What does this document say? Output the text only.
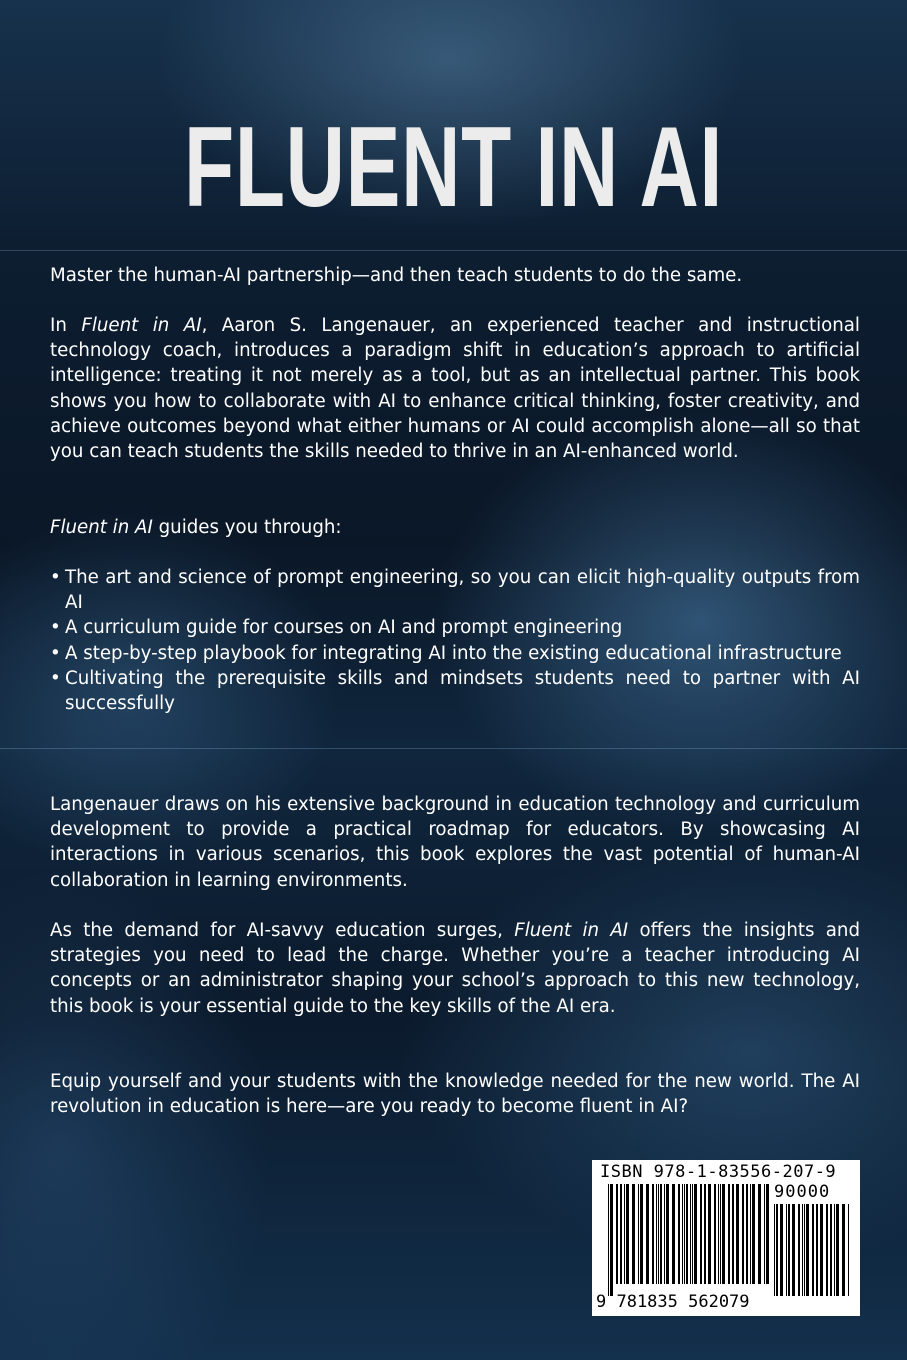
FLUENT IN AI

Master the human-AI partnership—and then teach students to do the same.

In Fluent in AI, Aaron S. Langenauer, an experienced teacher and instructional technology coach, introduces a paradigm shift in education’s approach to artificial intelligence: treating it not merely as a tool, but as an intellectual partner. This book shows you how to collaborate with AI to enhance critical thinking, foster creativity, and achieve outcomes beyond what either humans or AI could accomplish alone—all so that you can teach students the skills needed to thrive in an AI-enhanced world.

Fluent in AI guides you through:

• The art and science of prompt engineering, so you can elicit high-quality outputs from AI
• A curriculum guide for courses on AI and prompt engineering
• A step-by-step playbook for integrating AI into the existing educational infrastructure
• Cultivating the prerequisite skills and mindsets students need to partner with AI successfully

Langenauer draws on his extensive background in education technology and curriculum development to provide a practical roadmap for educators. By showcasing AI interactions in various scenarios, this book explores the vast potential of human-AI collaboration in learning environments.

As the demand for AI-savvy education surges, Fluent in AI offers the insights and strategies you need to lead the charge. Whether you’re a teacher introducing AI concepts or an administrator shaping your school’s approach to this new technology, this book is your essential guide to the key skills of the AI era.

Equip yourself and your students with the knowledge needed for the new world. The AI revolution in education is here—are you ready to become fluent in AI?

ISBN 978-1-83556-207-9
90000
9 781835 562079
